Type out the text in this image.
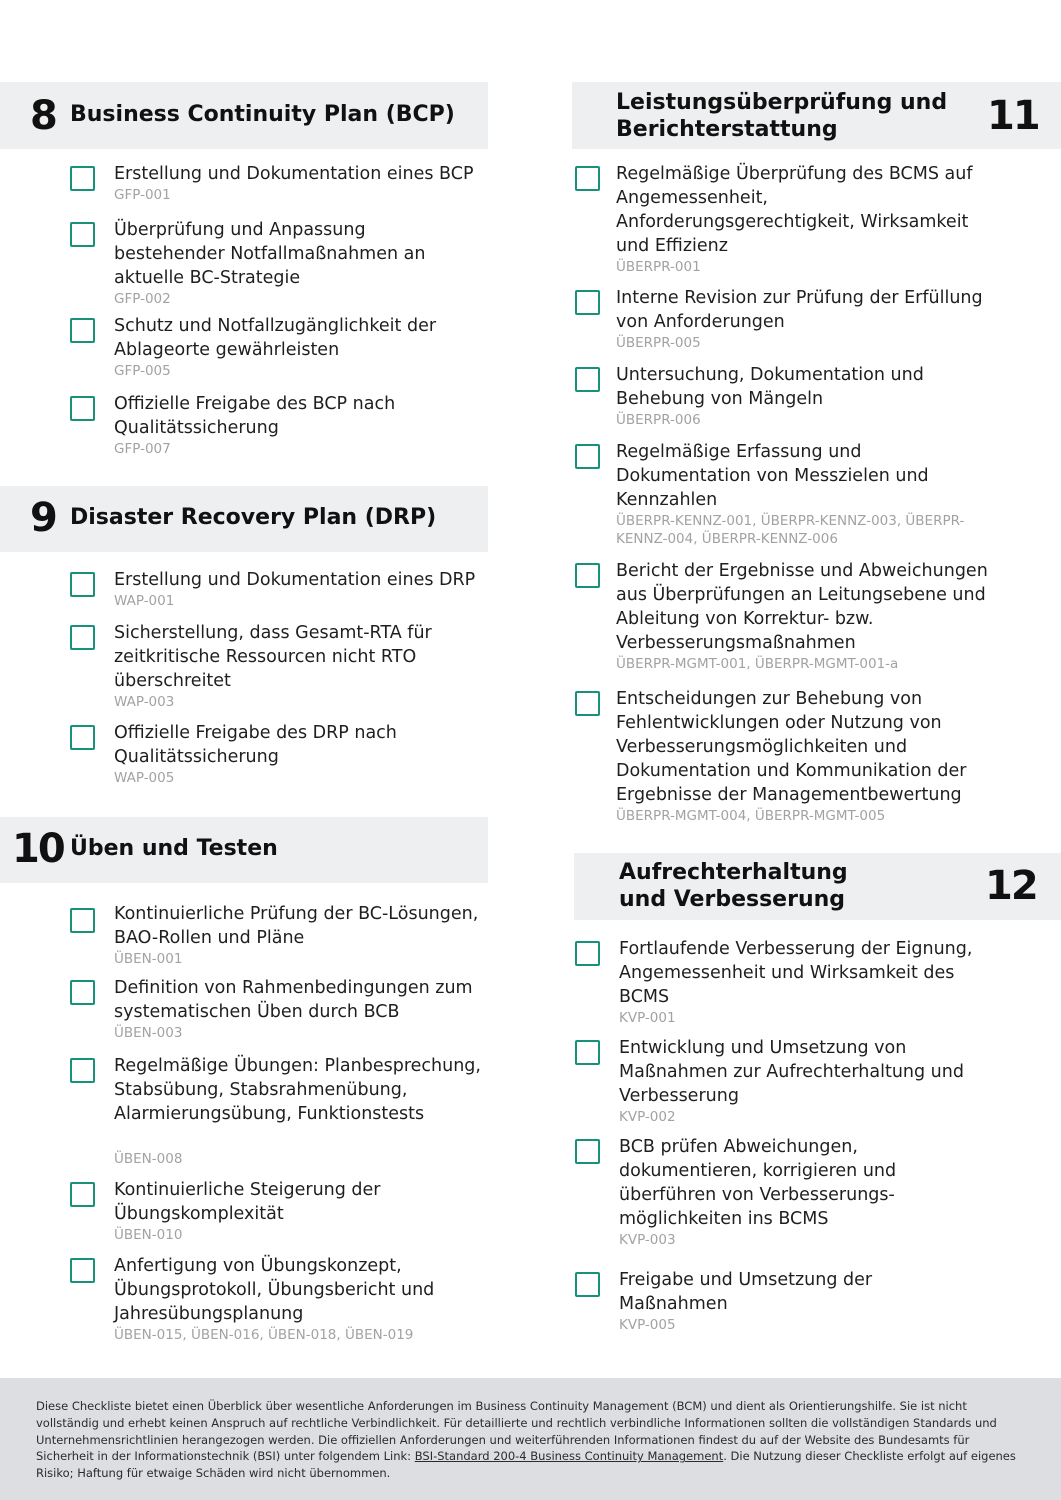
8 Business Continuity Plan (BCP)
Erstellung und Dokumentation eines BCP
GFP-001
Überprüfung und Anpassung bestehender Notfallmaßnahmen an aktuelle BC-Strategie
GFP-002
Schutz und Notfallzugänglichkeit der Ablageorte gewährleisten
GFP-005
Offizielle Freigabe des BCP nach Qualitätssicherung
GFP-007
9 Disaster Recovery Plan (DRP)
Erstellung und Dokumentation eines DRP
WAP-001
Sicherstellung, dass Gesamt-RTA für zeitkritische Ressourcen nicht RTO überschreitet
WAP-003
Offizielle Freigabe des DRP nach Qualitätssicherung
WAP-005
10 Üben und Testen
Kontinuierliche Prüfung der BC-Lösungen, BAO-Rollen und Pläne
ÜBEN-001
Definition von Rahmenbedingungen zum systematischen Üben durch BCB
ÜBEN-003
Regelmäßige Übungen: Planbesprechung, Stabsübung, Stabsrahmenübung, Alarmierungsübung, Funktionstests
ÜBEN-008
Kontinuierliche Steigerung der Übungskomplexität
ÜBEN-010
Anfertigung von Übungskonzept, Übungsprotokoll, Übungsbericht und Jahresübungsplanung
ÜBEN-015, ÜBEN-016, ÜBEN-018, ÜBEN-019
Leistungsüberprüfung und Berichterstattung	11
Regelmäßige Überprüfung des BCMS auf Angemessenheit, Anforderungsgerechtigkeit, Wirksamkeit und Effizienz
ÜBERPR-001
Interne Revision zur Prüfung der Erfüllung von Anforderungen
ÜBERPR-005
Untersuchung, Dokumentation und Behebung von Mängeln
ÜBERPR-006
Regelmäßige Erfassung und Dokumentation von Messzielen und Kennzahlen
ÜBERPR-KENNZ-001, ÜBERPR-KENNZ-003, ÜBERPR-KENNZ-004, ÜBERPR-KENNZ-006
Bericht der Ergebnisse und Abweichungen aus Überprüfungen an Leitungsebene und Ableitung von Korrektur- bzw. Verbesserungsmaßnahmen
ÜBERPR-MGMT-001, ÜBERPR-MGMT-001-a
Entscheidungen zur Behebung von Fehlentwicklungen oder Nutzung von Verbesserungsmöglichkeiten und Dokumentation und Kommunikation der Ergebnisse der Managementbewertung
ÜBERPR-MGMT-004, ÜBERPR-MGMT-005
Aufrechterhaltung und Verbesserung	12
Fortlaufende Verbesserung der Eignung, Angemessenheit und Wirksamkeit des BCMS
KVP-001
Entwicklung und Umsetzung von Maßnahmen zur Aufrechterhaltung und Verbesserung
KVP-002
BCB prüfen Abweichungen, dokumentieren, korrigieren und überführen von Verbesserungs-möglichkeiten ins BCMS
KVP-003
Freigabe und Umsetzung der Maßnahmen
KVP-005
Diese Checkliste bietet einen Überblick über wesentliche Anforderungen im Business Continuity Management (BCM) und dient als Orientierungshilfe. Sie ist nicht vollständig und erhebt keinen Anspruch auf rechtliche Verbindlichkeit. Für detaillierte und rechtlich verbindliche Informationen sollten die vollständigen Standards und Unternehmensrichtlinien herangezogen werden. Die offiziellen Anforderungen und weiterführenden Informationen findest du auf der Website des Bundesamts für Sicherheit in der Informationstechnik (BSI) unter folgendem Link: BSI-Standard 200-4 Business Continuity Management. Die Nutzung dieser Checkliste erfolgt auf eigenes Risiko; Haftung für etwaige Schäden wird nicht übernommen.
